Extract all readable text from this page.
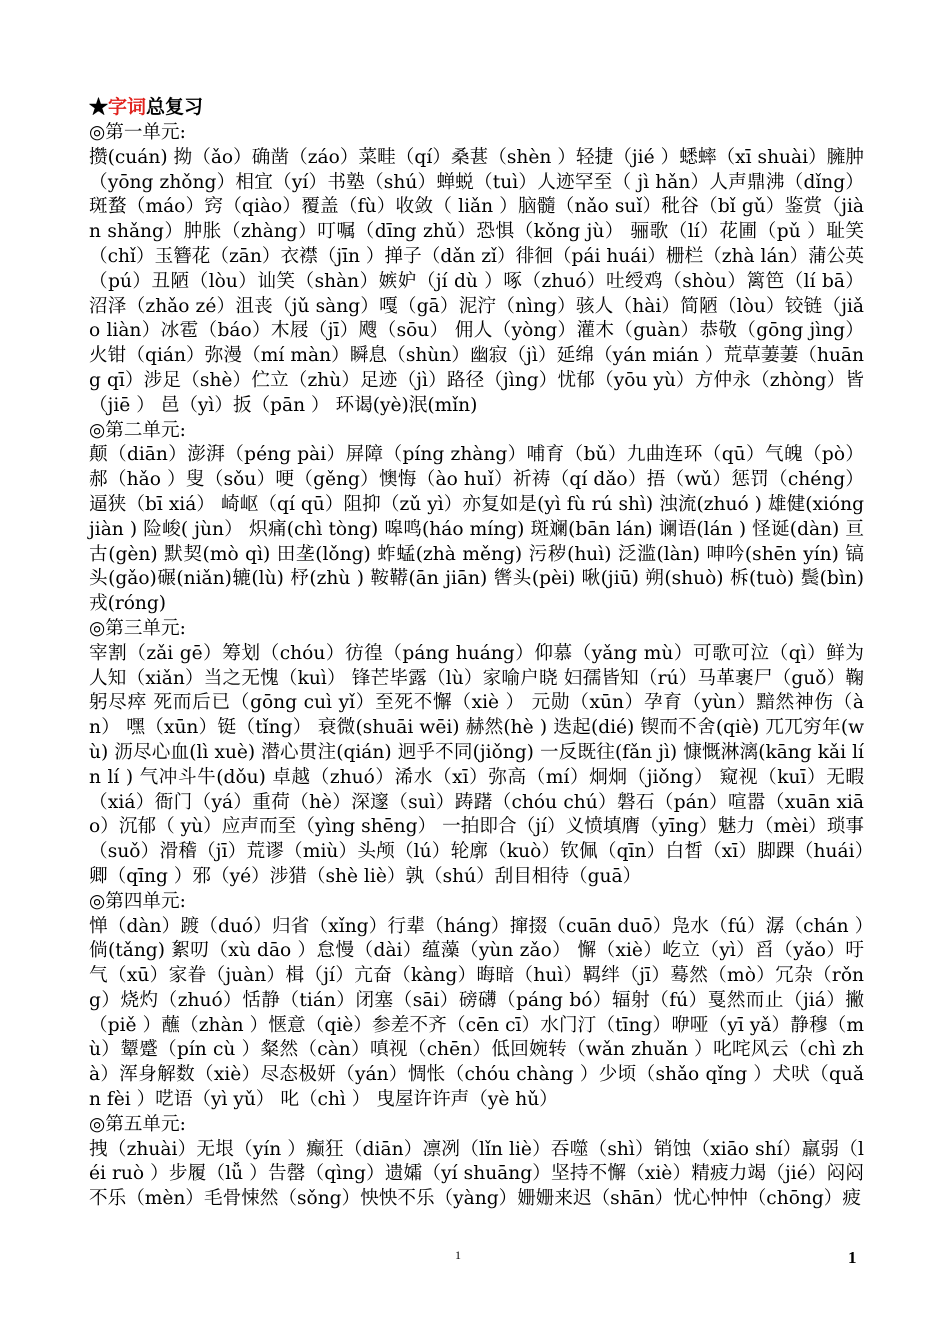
★字词总复习
◎第一单元:

攒(cuán) 拗（ǎo）确凿（záo）菜畦（qí）桑葚（shèn ）轻捷（jié ）蟋蟀（xī shuài）臃肿（yōng zhǒng）相宜（yí）书塾（shú）蝉蜕（tuì）人迹罕至（ jì hǎn）人声鼎沸（dǐng）斑蝥（máo）窍（qiào）覆盖（fù）收敛（ liǎn ）脑髓（nǎo suǐ）秕谷（bǐ gǔ）鉴赏（jiàn shǎng）肿胀（zhàng）叮嘱（dīng zhǔ）恐惧（kǒng jù） 骊歌（lí）花圃（pǔ ）耻笑（chǐ）玉簪花（zān）衣襟（jīn ）掸子（dǎn zǐ）徘徊（pái huái）栅栏（zhà lán）蒲公英（pú）丑陋（lòu）讪笑（shàn）嫉妒（jí dù ）啄（zhuó）吐绶鸡（shòu）篱笆（lí bā）沼泽（zhǎo zé）沮丧（jǔ sàng）嘎（gā）泥泞（nìng）骇人（hài）简陋（lòu）铰链（jiǎo liàn）冰雹（báo）木屐（jī）飕（sōu） 佣人（yòng）灌木（guàn）恭敬（gōng jìng）火钳（qián）弥漫（mí màn）瞬息（shùn）幽寂（jì）延绵（yán mián ）荒草萋萋（huāng qī）涉足（shè）伫立（zhù）足迹（jì）路径（jìng）忧郁（yōu yù）方仲永（zhòng）皆（jiē ） 邑（yì）扳（pān ） 环谒(yè)泯(mǐn)

◎第二单元:

颠（diān）澎湃（péng pài）屏障（píng zhàng）哺育（bǔ）九曲连环（qū）气魄（pò）郝（hǎo ）叟（sǒu）哽（gěng）懊悔（ào huǐ）祈祷（qí dǎo）捂（wǔ）惩罚（chéng）逼狭（bī xiá） 崎岖（qí qū）阻抑（zǔ yì）亦复如是(yì fù rú shì) 浊流(zhuó ) 雄健(xióng jiàn ) 险峻( jùn） 炽痛(chì tòng) 嗥鸣(háo míng) 斑斓(bān lán) 谰语(lán ) 怪诞(dàn) 亘古(gèn) 默契(mò qì) 田垄(lǒng) 蚱蜢(zhà měng) 污秽(huì) 泛滥(làn) 呻吟(shēn yín) 镐头(gǎo)碾(niǎn)辘(lù) 杼(zhù ) 鞍鞯(ān jiān) 辔头(pèi) 啾(jiū) 朔(shuò) 柝(tuò) 鬓(bìn) 戎(róng)

◎第三单元:

宰割（zǎi gē）筹划（chóu）彷徨（páng huáng）仰慕（yǎng mù）可歌可泣（qì）鲜为人知（xiǎn）当之无愧（kuì） 锋芒毕露（lù）家喻户晓 妇孺皆知（rú）马革裹尸（guǒ）鞠躬尽瘁 死而后已（gōng cuì yǐ）至死不懈（xiè ） 元勋（xūn）孕育（yùn）黯然神伤（àn） 嘿（xūn）铤（tǐng） 衰微(shuāi wēi) 赫然(hè ) 迭起(dié) 锲而不舍(qiè) 兀兀穷年(wù) 沥尽心血(lì xuè) 潜心贯注(qián) 迥乎不同(jiǒng) 一反既往(fǎn jì) 慷慨淋漓(kāng kǎi lín lí ) 气冲斗牛(dǒu) 卓越（zhuó）浠水（xī）弥高（mí）炯炯（jiǒng） 窥视（kuī）无暇（xiá）衙门（yá）重荷（hè）深邃（suì）踌躇（chóu chú）磐石（pán）喧嚣（xuān xiāo）沉郁（ yù）应声而至（yìng shēng） 一拍即合（jí）义愤填膺（yīng）魅力（mèi）琐事（suǒ）滑稽（jī）荒谬（miù）头颅（lú）轮廓（kuò）钦佩（qīn）白皙（xī）脚踝（huái）卿（qīng ）邪（yé）涉猎（shè liè）孰（shú）刮目相待（guā）

◎第四单元:

惮（dàn）踱（duó）归省（xǐng）行辈（háng）撺掇（cuān duō）凫水（fú）潺（chán ）倘(tǎng) 絮叨（xù dāo ）怠慢（dài）蕴藻（yùn zǎo） 懈（xiè）屹立（yì）舀（yǎo）吁气（xū）家眷（juàn）楫（jí）亢奋（kàng）晦暗（huì）羁绊（jī）蓦然（mò）冗杂（rǒng）烧灼（zhuó）恬静（tián）闭塞（sāi）磅礴（páng bó）辐射（fú）戛然而止（jiá）撇（piě ）蘸（zhàn ）惬意（qiè）参差不齐（cēn cī）水门汀（tīng）咿哑（yī yǎ）静穆（mù）颦蹙（pín cù ）粲然（càn）嗔视（chēn）低回婉转（wǎn zhuǎn ）叱咤风云（chì zhà）浑身解数（xiè）尽态极妍（yán）惆怅（chóu chàng ）少顷（shǎo qǐng ）犬吠（quǎn fèi ）呓语（yì yǔ） 叱（chì ） 曳屋许许声（yè hǔ）

◎第五单元:

拽（zhuài）无垠（yín ）癫狂（diān）凛冽（lǐn liè）吞噬（shì）销蚀（xiāo shí）羸弱（léi ruò ）步履（lǚ ）告罄（qìng）遗孀（yí shuāng）坚持不懈（xiè）精疲力竭（jié）闷闷不乐（mèn）毛骨悚然（sǒng）怏怏不乐（yàng）姗姗来迟（shān）忧心忡忡（chōng）疲

1	1
